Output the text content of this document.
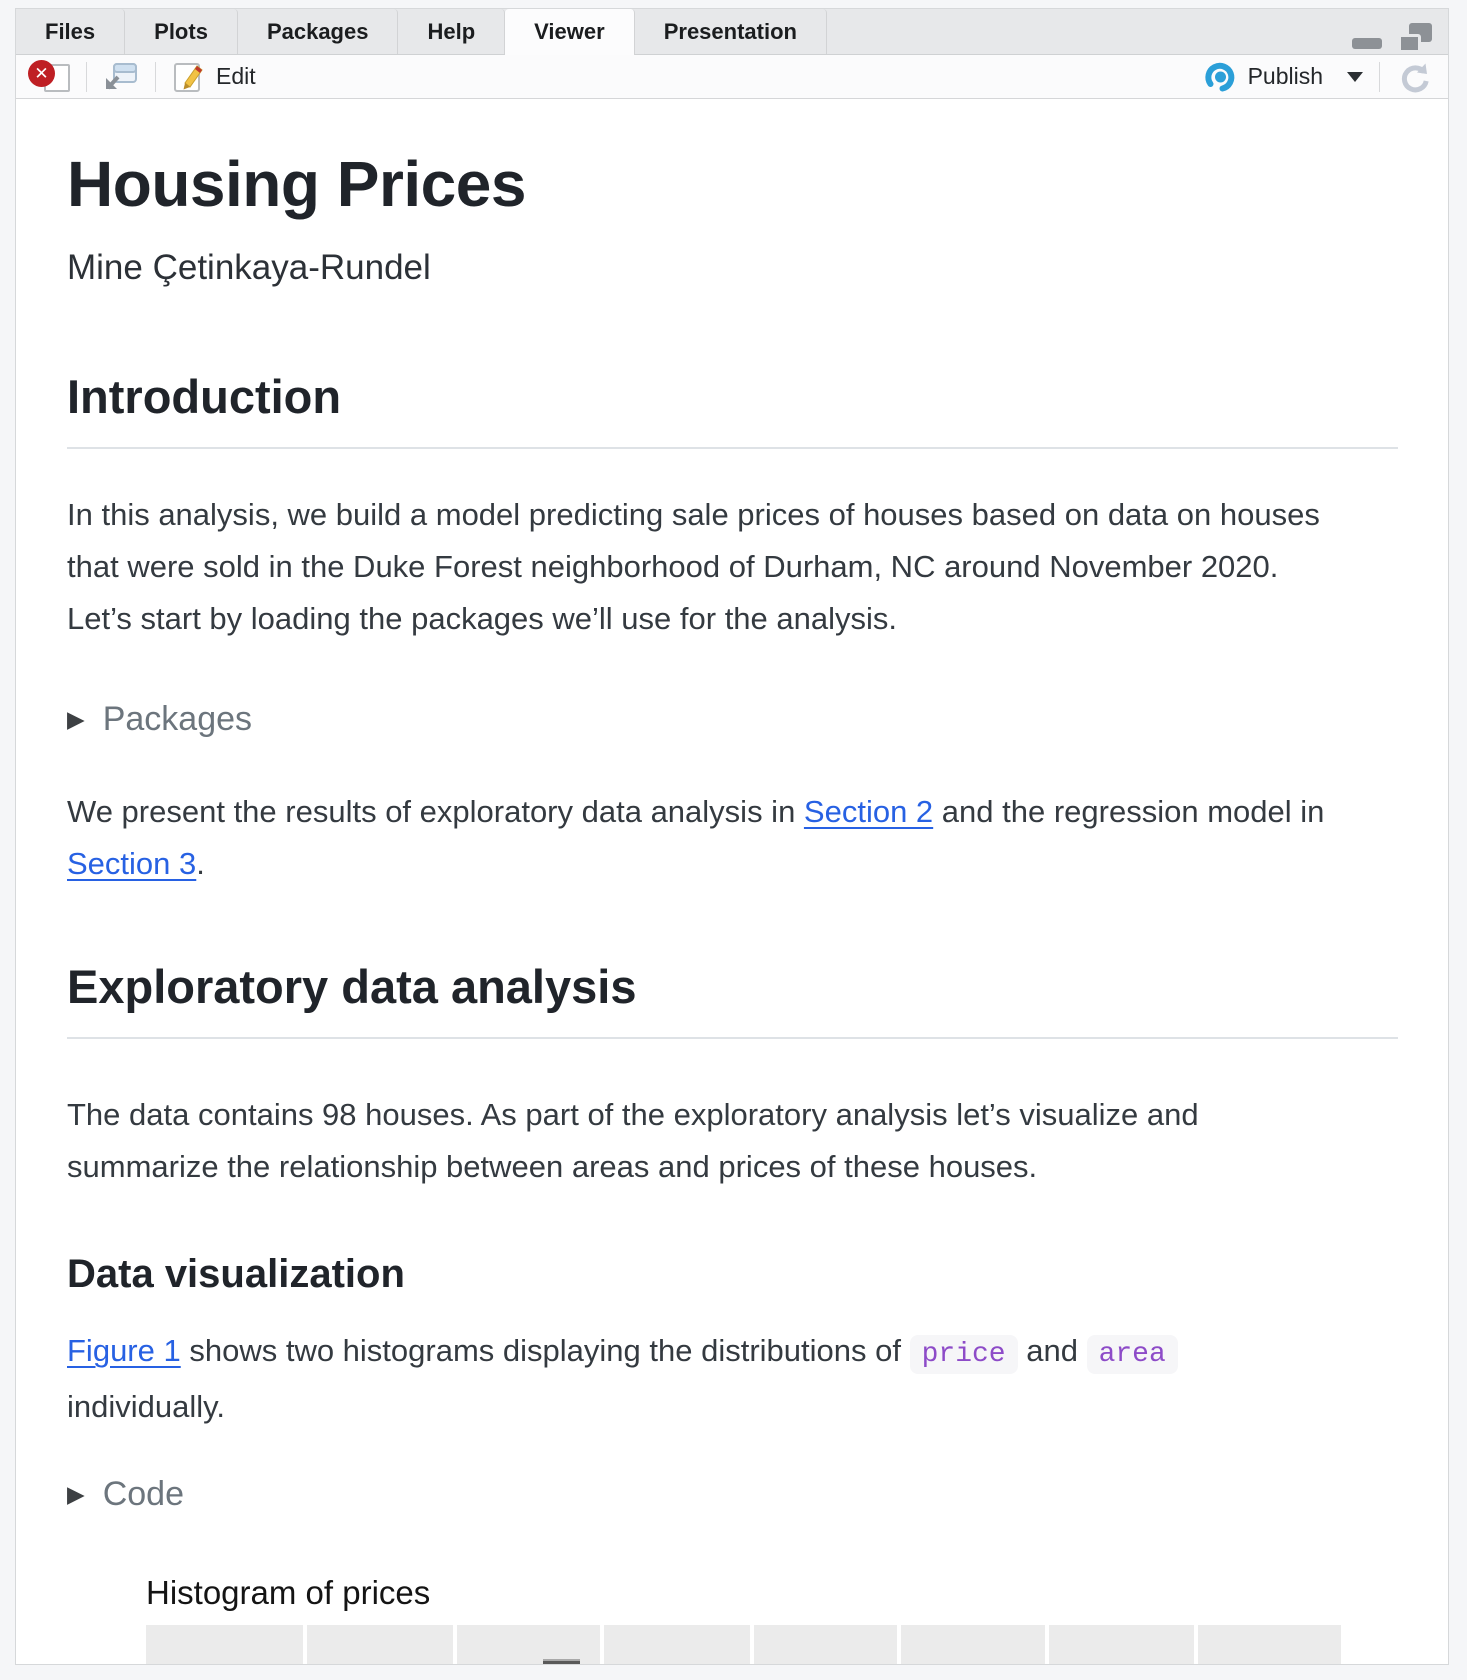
Files	Plots	Packages	Help	Viewer	Presentation
✕	Edit	Publish
Housing Prices
Mine Çetinkaya-Rundel
Introduction
In this analysis, we build a model predicting sale prices of houses based on data on houses that were sold in the Duke Forest neighborhood of Durham, NC around November 2020. Let’s start by loading the packages we’ll use for the analysis.
▶ Packages
We present the results of exploratory data analysis in Section 2 and the regression model in Section 3.
Exploratory data analysis
The data contains 98 houses. As part of the exploratory analysis let’s visualize and summarize the relationship between areas and prices of these houses.
Data visualization
Figure 1 shows two histograms displaying the distributions of price and area individually.
▶ Code
Histogram of prices
